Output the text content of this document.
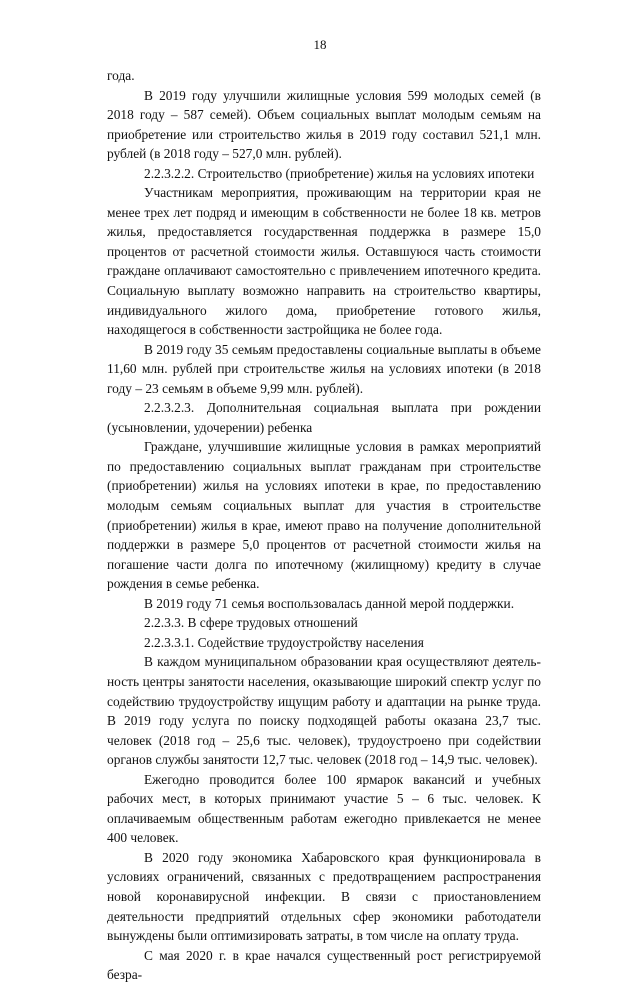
18

года.

В 2019 году улучшили жилищные условия 599 молодых семей (в 2018 году – 587 семей). Объем социальных выплат молодым семьям на приобретение или строительство жилья в 2019 году составил 521,1 млн. рублей (в 2018 году – 527,0 млн. рублей).

2.2.3.2.2. Строительство (приобретение) жилья на условиях ипотеки

Участникам мероприятия, проживающим на территории края не менее трех лет подряд и имеющим в собственности не более 18 кв. метров жилья, предоставляется государственная поддержка в размере 15,0 процентов от расчетной стоимости жилья. Оставшуюся часть стоимости граждане оплачивают самостоятельно с привлечением ипотечного кредита. Социальную выплату возможно направить на строительство квартиры, индивидуального жилого дома, приобретение готового жилья, находящегося в собственности застройщика не более года.

В 2019 году 35 семьям предоставлены социальные выплаты в объеме 11,60 млн. рублей при строительстве жилья на условиях ипотеки (в 2018 году – 23 семьям в объеме 9,99 млн. рублей).

2.2.3.2.3. Дополнительная социальная выплата при рождении (усыновлении, удочерении) ребенка

Граждане, улучшившие жилищные условия в рамках мероприятий по предоставлению социальных выплат гражданам при строительстве (приобретении) жилья на условиях ипотеки в крае, по предоставлению молодым семьям социальных выплат для участия в строительстве (приобретении) жилья в крае, имеют право на получение дополнительной поддержки в размере 5,0 процентов от расчетной стоимости жилья на погашение части долга по ипотечному (жилищному) кредиту в случае рождения в семье ребенка.

В 2019 году 71 семья воспользовалась данной мерой поддержки.

2.2.3.3. В сфере трудовых отношений

2.2.3.3.1. Содействие трудоустройству населения

В каждом муниципальном образовании края осуществляют деятельность центры занятости населения, оказывающие широкий спектр услуг по содействию трудоустройству ищущим работу и адаптации на рынке труда. В 2019 году услуга по поиску подходящей работы оказана 23,7 тыс. человек (2018 год – 25,6 тыс. человек), трудоустроено при содействии органов службы занятости 12,7 тыс. человек (2018 год – 14,9 тыс. человек).

Ежегодно проводится более 100 ярмарок вакансий и учебных рабочих мест, в которых принимают участие 5 – 6 тыс. человек. К оплачиваемым общественным работам ежегодно привлекается не менее 400 человек.

В 2020 году экономика Хабаровского края функционировала в условиях ограничений, связанных с предотвращением распространения новой коронавирусной инфекции. В связи с приостановлением деятельности предприятий отдельных сфер экономики работодатели вынуждены были оптимизировать затраты, в том числе на оплату труда.

С мая 2020 г. в крае начался существенный рост регистрируемой безра-
